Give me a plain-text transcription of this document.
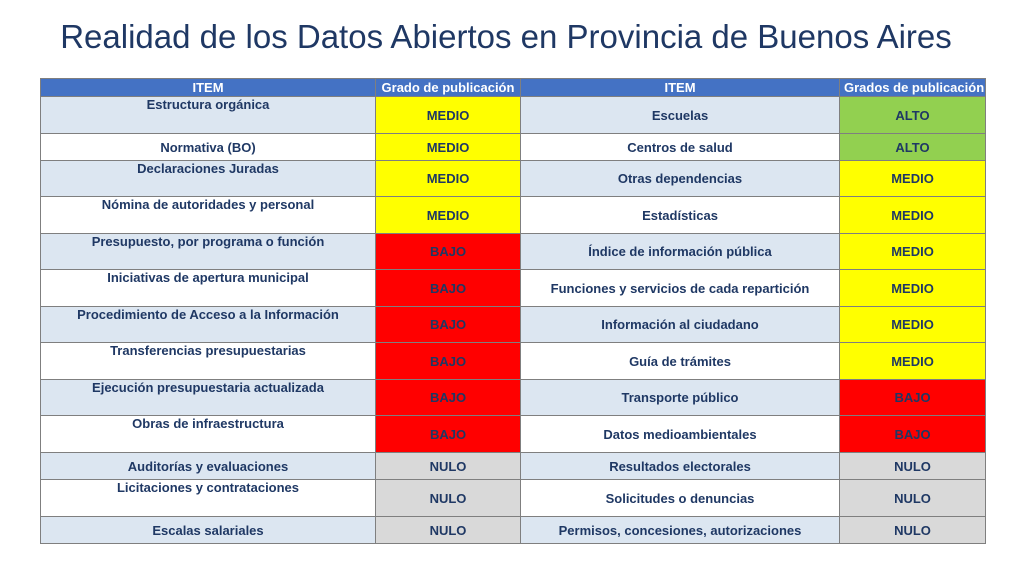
Realidad de los Datos Abiertos en Provincia de Buenos Aires
ITEM	Grado de publicación	ITEM	Grados de publicación
Estructura orgánica	MEDIO	Escuelas	ALTO
Normativa (BO)	MEDIO	Centros de salud	ALTO
Declaraciones Juradas	MEDIO	Otras dependencias	MEDIO
Nómina de autoridades y personal	MEDIO	Estadísticas	MEDIO
Presupuesto, por programa o función	BAJO	Índice de información pública	MEDIO
Iniciativas de apertura municipal	BAJO	Funciones y servicios de cada repartición	MEDIO
Procedimiento de Acceso a la Información	BAJO	Información al ciudadano	MEDIO
Transferencias presupuestarias	BAJO	Guía de trámites	MEDIO
Ejecución presupuestaria actualizada	BAJO	Transporte público	BAJO
Obras de infraestructura	BAJO	Datos medioambientales	BAJO
Auditorías y evaluaciones	NULO	Resultados electorales	NULO
Licitaciones y contrataciones	NULO	Solicitudes o denuncias	NULO
Escalas salariales	NULO	Permisos, concesiones, autorizaciones	NULO
